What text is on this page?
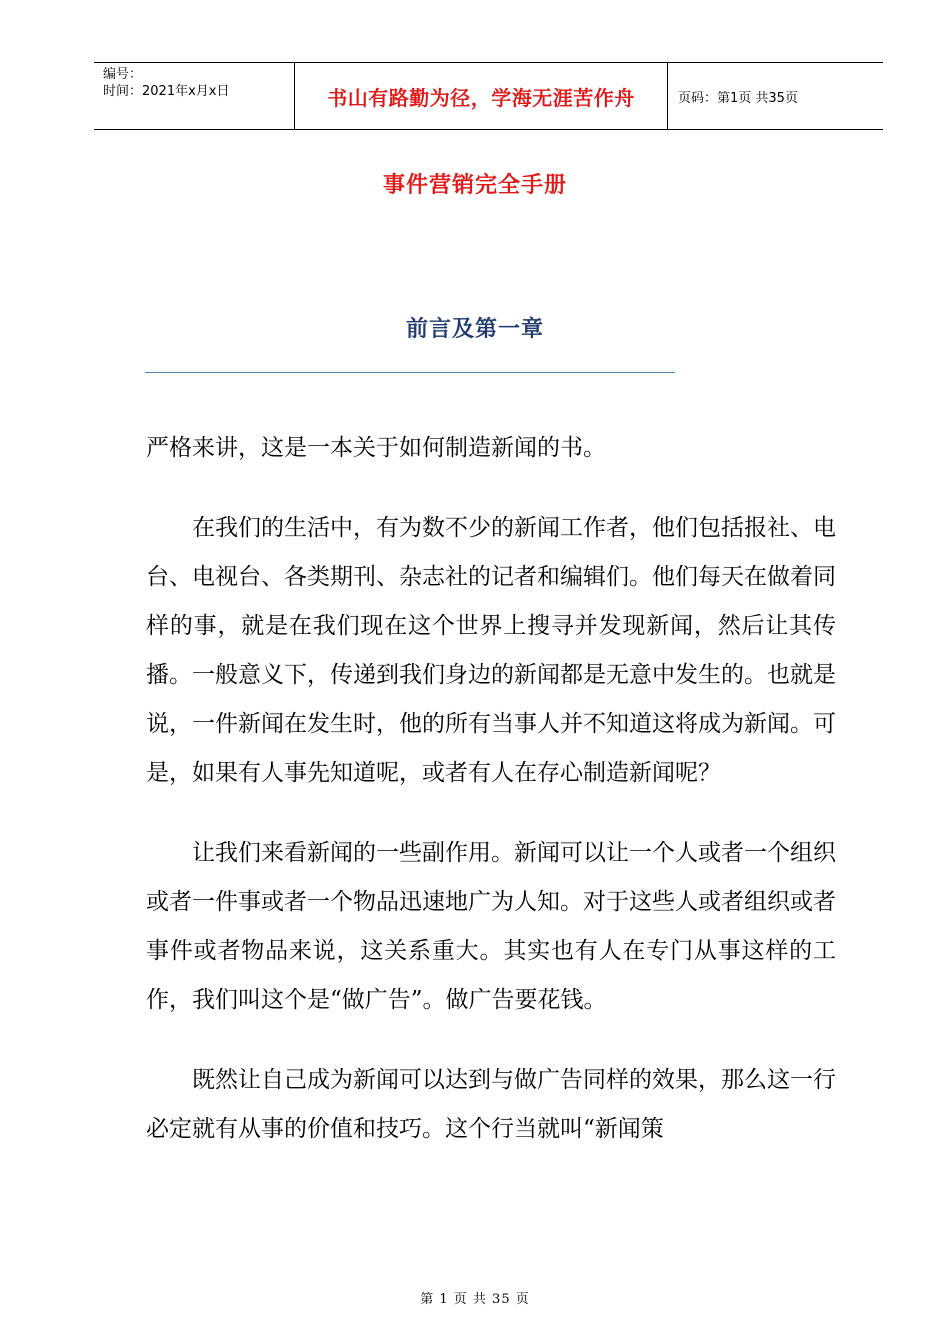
编号：
时间：2021年x月x日	书山有路勤为径，学海无涯苦作舟	页码：第1页 共35页
事件营销完全手册
前言及第一章

严格来讲，这是一本关于如何制造新闻的书。

在我们的生活中，有为数不少的新闻工作者，他们包括报社、电台、电视台、各类期刊、杂志社的记者和编辑们。他们每天在做着同样的事，就是在我们现在这个世界上搜寻并发现新闻，然后让其传播。一般意义下，传递到我们身边的新闻都是无意中发生的。也就是说，一件新闻在发生时，他的所有当事人并不知道这将成为新闻。可是，如果有人事先知道呢，或者有人在存心制造新闻呢？

让我们来看新闻的一些副作用。新闻可以让一个人或者一个组织或者一件事或者一个物品迅速地广为人知。对于这些人或者组织或者事件或者物品来说，这关系重大。其实也有人在专门从事这样的工作，我们叫这个是“做广告”。做广告要花钱。

既然让自己成为新闻可以达到与做广告同样的效果，那么这一行必定就有从事的价值和技巧。这个行当就叫“新闻策

第 1 页 共 35 页
